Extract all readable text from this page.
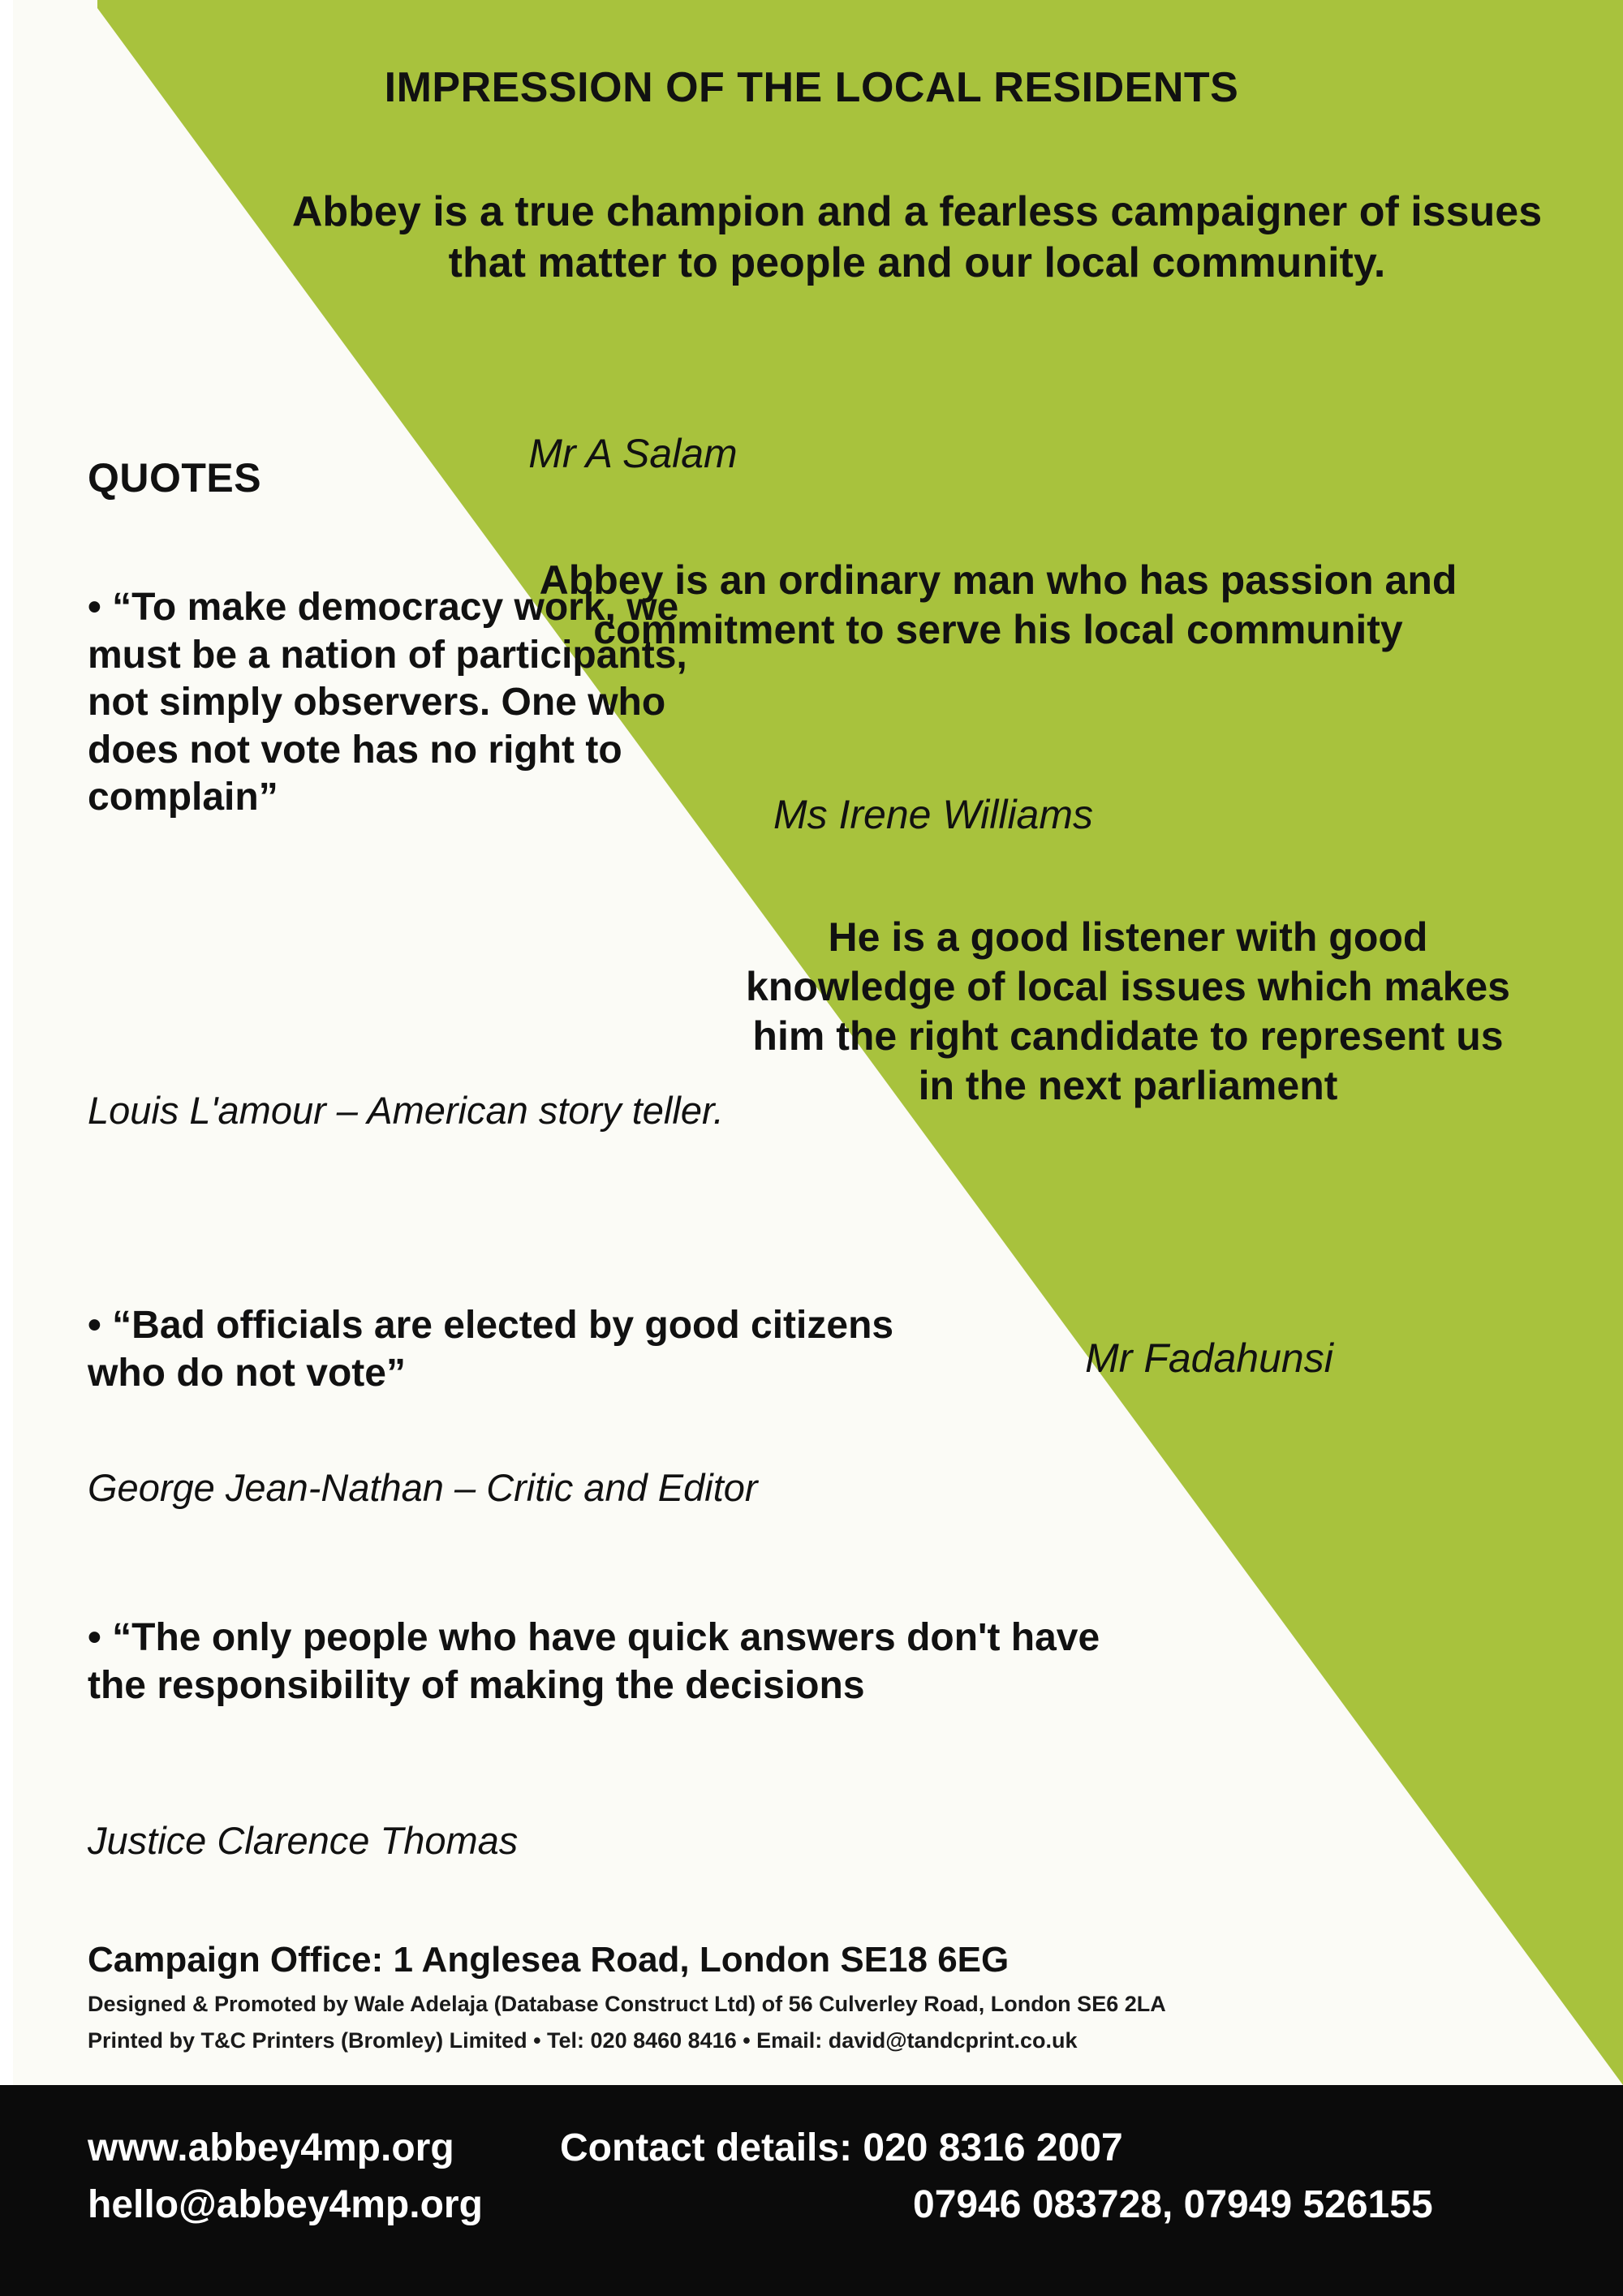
IMPRESSION OF THE LOCAL RESIDENTS
Abbey is a true champion and a fearless campaigner of issues that matter to people and our local community.
Mr A Salam
QUOTES
Abbey is an ordinary man who has passion and commitment to serve his local community
Ms Irene Williams
He is a good listener with good knowledge of local issues which makes him the right candidate to represent us in the next parliament
Mr Fadahunsi
• “To make democracy work, we must be a nation of participants, not simply observers. One who does not vote has no right to complain”
Louis L'amour – American story teller.
• “Bad officials are elected by good citizens who do not vote”
George Jean-Nathan – Critic and Editor
• “The only people who have quick answers don't have the responsibility of making the decisions
Justice Clarence Thomas
Campaign Office: 1 Anglesea Road, London SE18 6EG
Designed & Promoted by Wale Adelaja (Database Construct Ltd) of 56 Culverley Road, London SE6 2LA
Printed by T&C Printers (Bromley) Limited • Tel: 020 8460 8416 • Email: david@tandcprint.co.uk
www.abbey4mp.org
hello@abbey4mp.org
Contact details: 020 8316 2007
07946 083728, 07949 526155
